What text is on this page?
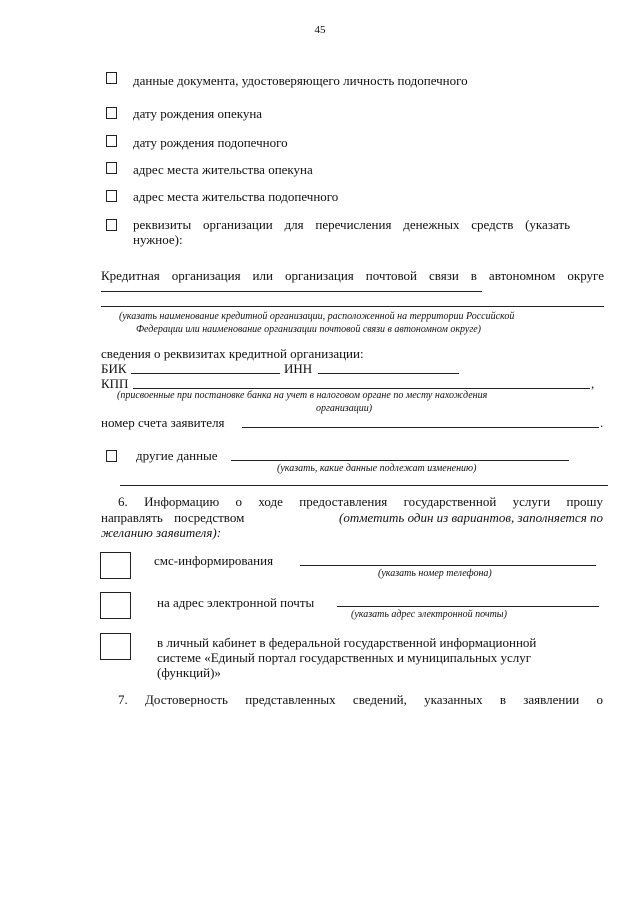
45
данные документа, удостоверяющего личность подопечного
дату рождения опекуна
дату рождения подопечного
адрес места жительства опекуна
адрес места жительства подопечного
реквизиты организации для перечисления денежных средств (указать
нужное):
Кредитная организация или организация почтовой связи в автономном округе
(указать наименование кредитной организации, расположенной на территории Российской
Федерации или наименование организации почтовой связи в автономном округе)
сведения о реквизитах кредитной организации:
БИК	ИНН
КПП	,
(присвоенные при постановке банка на учет в налоговом органе по месту нахождения
организации)
номер счета заявителя	.
другие данные
(указать, какие данные подлежат изменению)
6. Информацию о ходе предоставления государственной услуги прошу
направлять посредством	(отметить один из вариантов, заполняется по
желанию заявителя):
смс-информирования
(указать номер телефона)
на адрес электронной почты
(указать адрес электронной почты)
в личный кабинет в федеральной государственной информационной
системе «Единый портал государственных и муниципальных услуг
(функций)»
7. Достоверность представленных сведений, указанных в заявлении о
